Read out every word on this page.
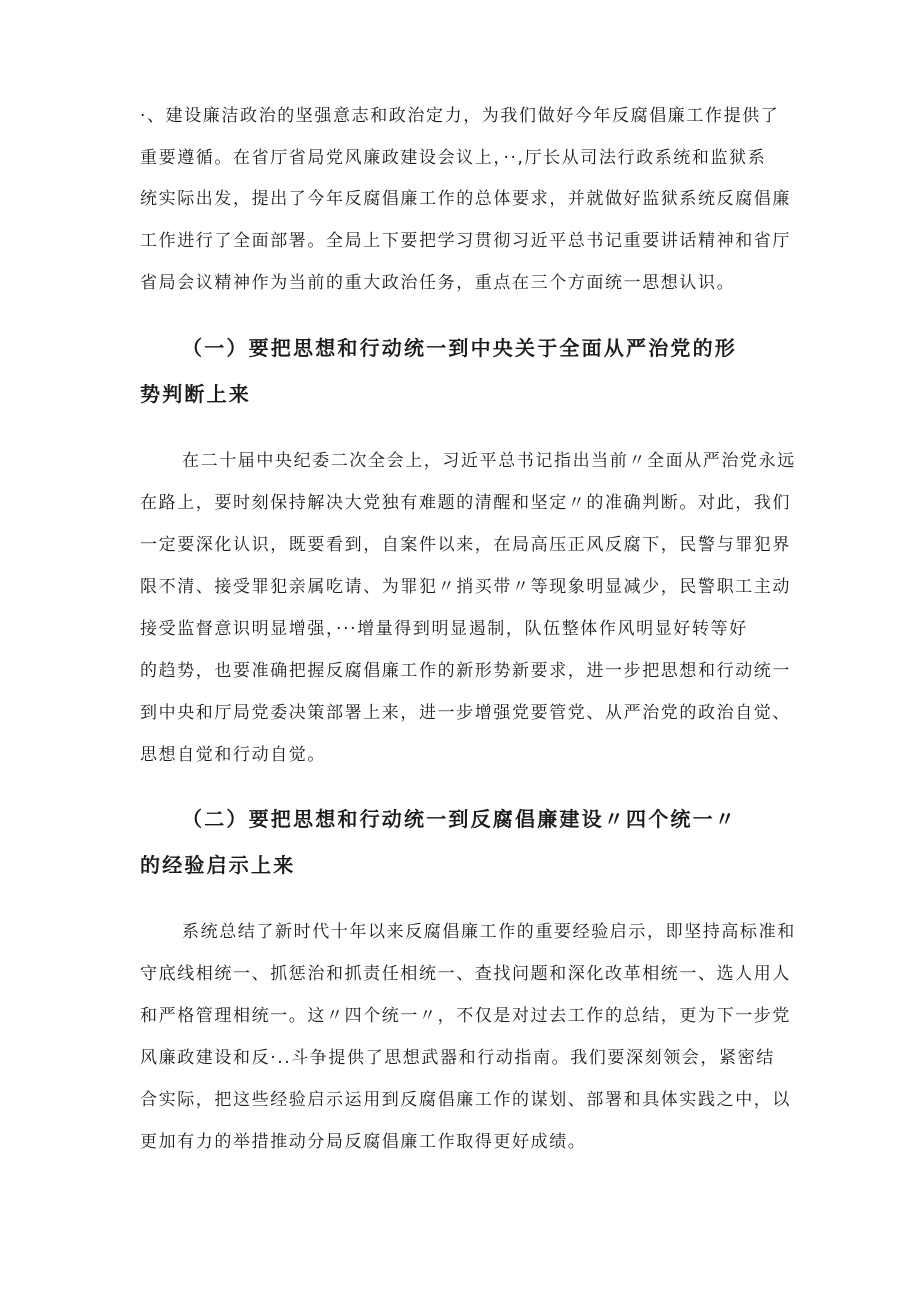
·、建设廉洁政治的坚强意志和政治定力，为我们做好今年反腐倡廉工作提供了
重要遵循。在省厅省局党风廉政建设会议上，··,厅长从司法行政系统和监狱系
统实际出发，提出了今年反腐倡廉工作的总体要求，并就做好监狱系统反腐倡廉
工作进行了全面部署。全局上下要把学习贯彻习近平总书记重要讲话精神和省厅
省局会议精神作为当前的重大政治任务，重点在三个方面统一思想认识。
（一）要把思想和行动统一到中央关于全面从严治党的形
势判断上来
在二十届中央纪委二次全会上，习近平总书记指出当前〃全面从严治党永远
在路上，要时刻保持解决大党独有难题的清醒和坚定〃的准确判断。对此，我们
一定要深化认识，既要看到，自案件以来，在局高压正风反腐下，民警与罪犯界
限不清、接受罪犯亲属吃请、为罪犯〃捎买带〃等现象明显减少，民警职工主动
接受监督意识明显增强，···增量得到明显遏制，队伍整体作风明显好转等好
的趋势，也要准确把握反腐倡廉工作的新形势新要求，进一步把思想和行动统一
到中央和厅局党委决策部署上来，进一步增强党要管党、从严治党的政治自觉、
思想自觉和行动自觉。
（二）要把思想和行动统一到反腐倡廉建设〃四个统一〃
的经验启示上来
系统总结了新时代十年以来反腐倡廉工作的重要经验启示，即坚持高标准和
守底线相统一、抓惩治和抓责任相统一、查找问题和深化改革相统一、选人用人
和严格管理相统一。这〃四个统一〃，不仅是对过去工作的总结，更为下一步党
风廉政建设和反·..斗争提供了思想武器和行动指南。我们要深刻领会，紧密结
合实际，把这些经验启示运用到反腐倡廉工作的谋划、部署和具体实践之中，以
更加有力的举措推动分局反腐倡廉工作取得更好成绩。
